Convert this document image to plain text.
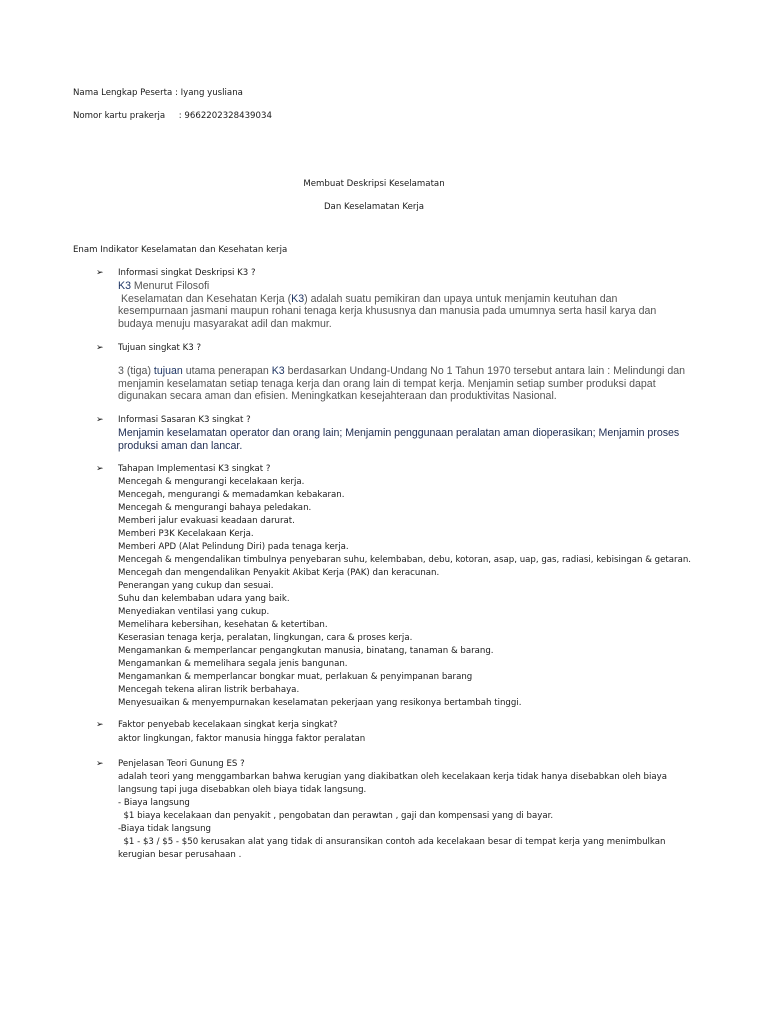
Nama Lengkap Peserta : Iyang yusliana
Nomor kartu prakerja     : 9662202328439034
Membuat Deskripsi Keselamatan
Dan Keselamatan Kerja
Enam Indikator Keselamatan dan Kesehatan kerja
➢ Informasi singkat Deskripsi K3 ?
K3 Menurut Filosofi
Keselamatan dan Kesehatan Kerja (K3) adalah suatu pemikiran dan upaya untuk menjamin keutuhan dan
kesempurnaan jasmani maupun rohani tenaga kerja khususnya dan manusia pada umumnya serta hasil karya dan
budaya menuju masyarakat adil dan makmur.
➢ Tujuan singkat K3 ?
3 (tiga) tujuan utama penerapan K3 berdasarkan Undang-Undang No 1 Tahun 1970 tersebut antara lain : Melindungi dan
menjamin keselamatan setiap tenaga kerja dan orang lain di tempat kerja. Menjamin setiap sumber produksi dapat
digunakan secara aman dan efisien. Meningkatkan kesejahteraan dan produktivitas Nasional.
➢ Informasi Sasaran K3 singkat ?
Menjamin keselamatan operator dan orang lain; Menjamin penggunaan peralatan aman dioperasikan; Menjamin proses
produksi aman dan lancar.
➢ Tahapan Implementasi K3 singkat ?
Mencegah & mengurangi kecelakaan kerja.
Mencegah, mengurangi & memadamkan kebakaran.
Mencegah & mengurangi bahaya peledakan.
Memberi jalur evakuasi keadaan darurat.
Memberi P3K Kecelakaan Kerja.
Memberi APD (Alat Pelindung Diri) pada tenaga kerja.
Mencegah & mengendalikan timbulnya penyebaran suhu, kelembaban, debu, kotoran, asap, uap, gas, radiasi, kebisingan & getaran.
Mencegah dan mengendalikan Penyakit Akibat Kerja (PAK) dan keracunan.
Penerangan yang cukup dan sesuai.
Suhu dan kelembaban udara yang baik.
Menyediakan ventilasi yang cukup.
Memelihara kebersihan, kesehatan & ketertiban.
Keserasian tenaga kerja, peralatan, lingkungan, cara & proses kerja.
Mengamankan & memperlancar pengangkutan manusia, binatang, tanaman & barang.
Mengamankan & memelihara segala jenis bangunan.
Mengamankan & memperlancar bongkar muat, perlakuan & penyimpanan barang
Mencegah tekena aliran listrik berbahaya.
Menyesuaikan & menyempurnakan keselamatan pekerjaan yang resikonya bertambah tinggi.
➢ Faktor penyebab kecelakaan singkat kerja singkat?
aktor lingkungan, faktor manusia hingga faktor peralatan
➢ Penjelasan Teori Gunung ES ?
adalah teori yang menggambarkan bahwa kerugian yang diakibatkan oleh kecelakaan kerja tidak hanya disebabkan oleh biaya
langsung tapi juga disebabkan oleh biaya tidak langsung.
- Biaya langsung
$1 biaya kecelakaan dan penyakit , pengobatan dan perawtan , gaji dan kompensasi yang di bayar.
-Biaya tidak langsung
$1 - $3 / $5 - $50 kerusakan alat yang tidak di ansuransikan contoh ada kecelakaan besar di tempat kerja yang menimbulkan
kerugian besar perusahaan .
